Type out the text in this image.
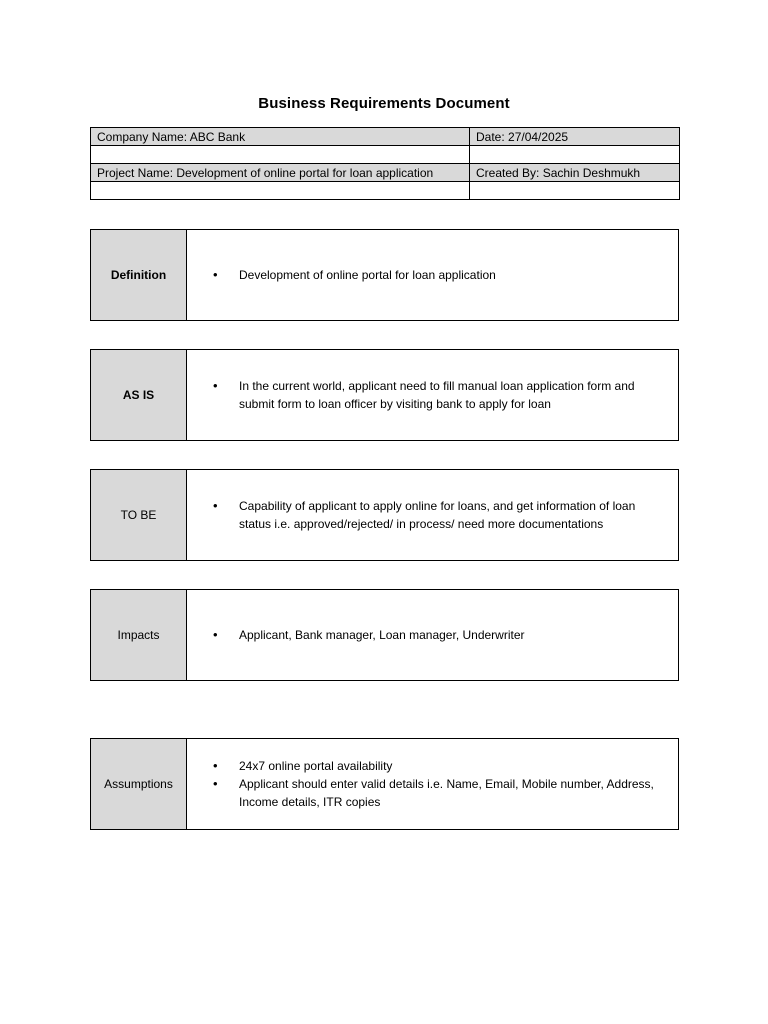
Business Requirements Document
Company Name: ABC Bank	Date: 27/04/2025

Project Name: Development of online portal for loan application	Created By: Sachin Deshmukh

Definition	• Development of online portal for loan application
AS IS
• In the current world, applicant need to fill manual loan application form and submit form to loan officer by visiting bank to apply for loan
TO BE
• Capability of applicant to apply online for loans, and get information of loan status i.e. approved/rejected/ in process/ need more documentations
Impacts	• Applicant, Bank manager, Loan manager, Underwriter
Assumptions
• 24x7 online portal availability
• Applicant should enter valid details i.e. Name, Email, Mobile number, Address, Income details, ITR copies
